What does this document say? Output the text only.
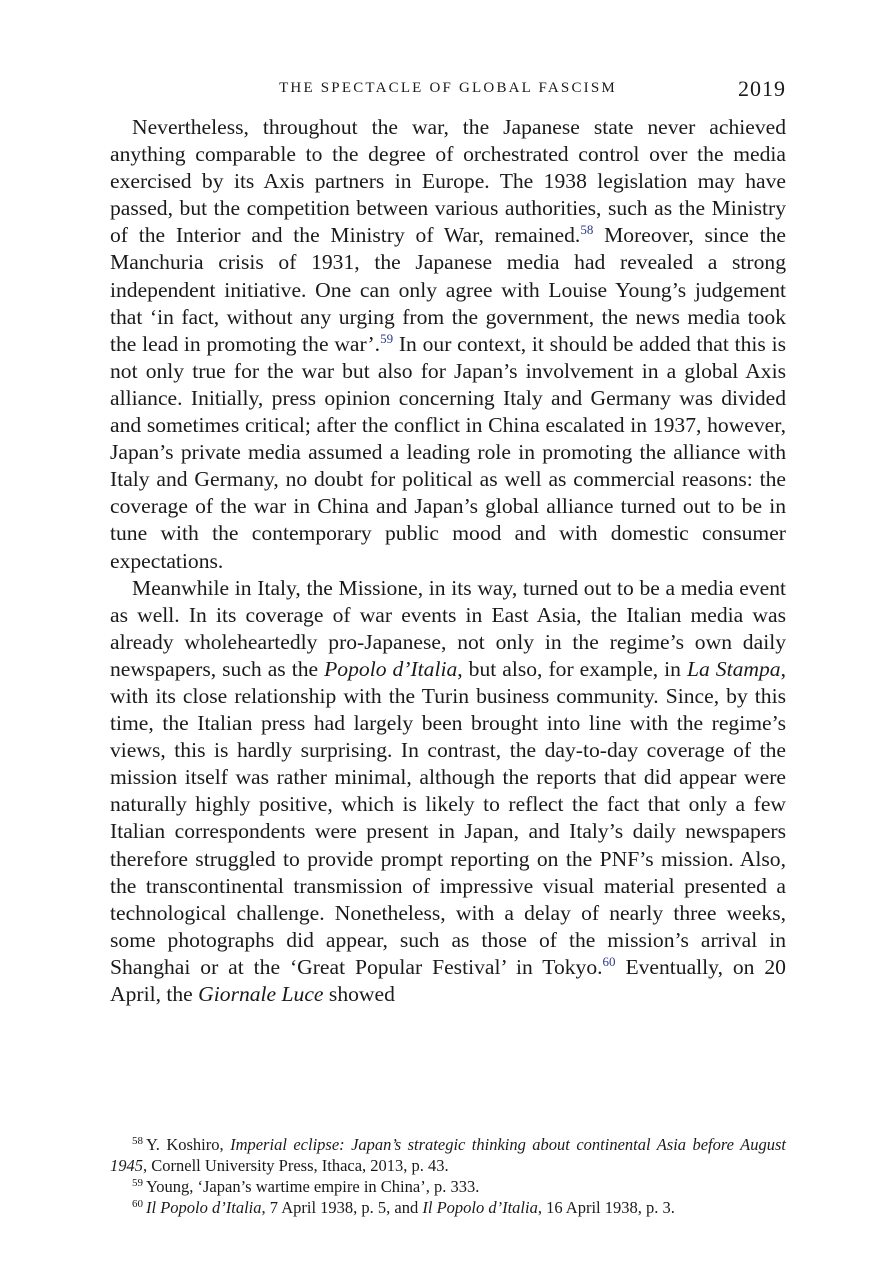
THE SPECTACLE OF GLOBAL FASCISM	2019

Nevertheless, throughout the war, the Japanese state never achieved anything comparable to the degree of orchestrated control over the media exercised by its Axis partners in Europe. The 1938 legislation may have passed, but the competition between various authorities, such as the Ministry of the Interior and the Ministry of War, remained.$^{58}$ Moreover, since the Manchuria crisis of 1931, the Japanese media had revealed a strong independent initiative. One can only agree with Louise Young’s judgement that ‘in fact, without any urging from the government, the news media took the lead in promoting the war’.$^{59}$ In our context, it should be added that this is not only true for the war but also for Japan’s involvement in a global Axis alliance. Initially, press opinion concerning Italy and Germany was divided and sometimes critical; after the conflict in China escalated in 1937, however, Japan’s private media assumed a leading role in promoting the alliance with Italy and Germany, no doubt for political as well as commercial reasons: the coverage of the war in China and Japan’s global alliance turned out to be in tune with the contemporary public mood and with domestic consumer expectations.

Meanwhile in Italy, the Missione, in its way, turned out to be a media event as well. In its coverage of war events in East Asia, the Italian media was already wholeheartedly pro-Japanese, not only in the regime’s own daily newspapers, such as the Popolo d’Italia, but also, for example, in La Stampa, with its close relationship with the Turin business community. Since, by this time, the Italian press had largely been brought into line with the regime’s views, this is hardly surprising. In contrast, the day-to-day coverage of the mission itself was rather minimal, although the reports that did appear were naturally highly positive, which is likely to reflect the fact that only a few Italian correspondents were present in Japan, and Italy’s daily newspapers therefore struggled to provide prompt reporting on the PNF’s mission. Also, the transcontinental transmission of impressive visual material presented a technological challenge. Nonetheless, with a delay of nearly three weeks, some photographs did appear, such as those of the mission’s arrival in Shanghai or at the ‘Great Popular Festival’ in Tokyo.$^{60}$ Eventually, on 20 April, the Giornale Luce showed

$^{58}$ Y. Koshiro, Imperial eclipse: Japan’s strategic thinking about continental Asia before August 1945, Cornell University Press, Ithaca, 2013, p. 43.

$^{59}$ Young, ‘Japan’s wartime empire in China’, p. 333.

$^{60}$ Il Popolo d’Italia, 7 April 1938, p. 5, and Il Popolo d’Italia, 16 April 1938, p. 3.
